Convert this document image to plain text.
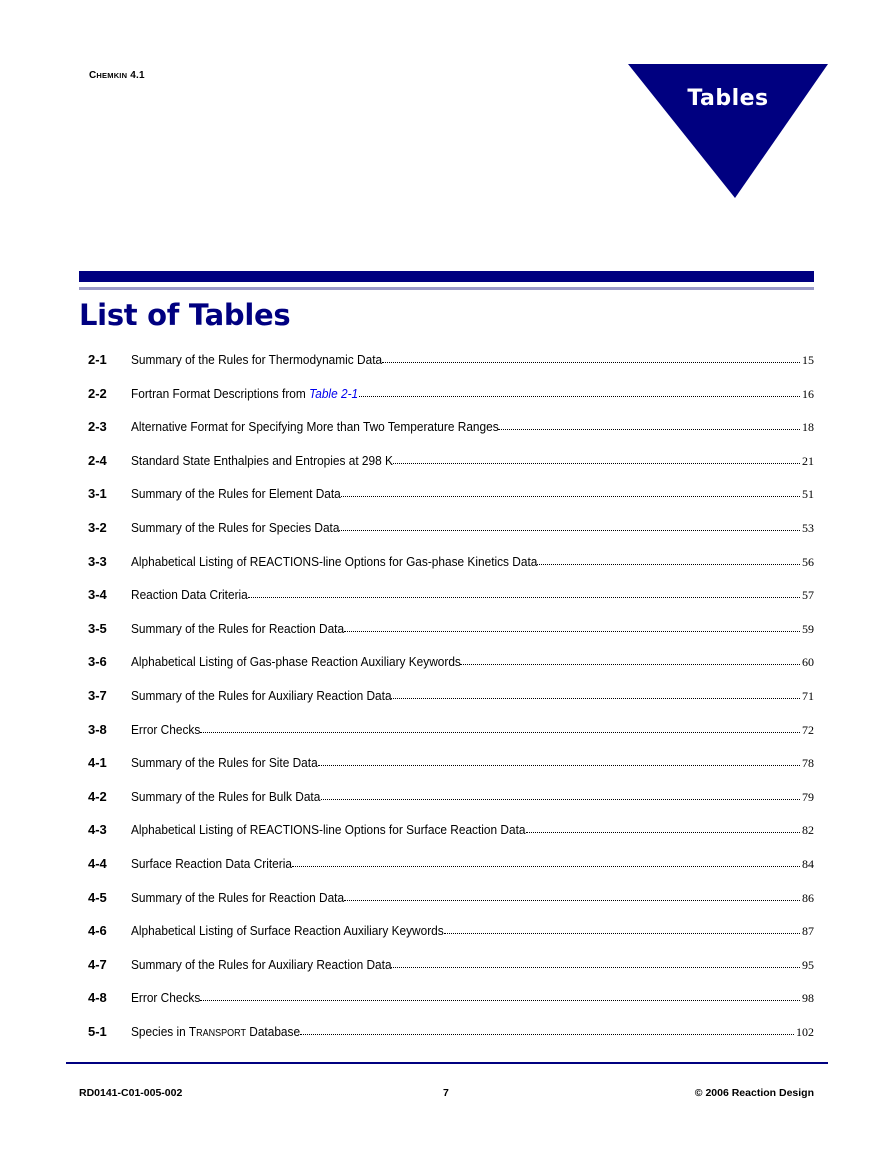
CHEMKIN 4.1
Tables
List of Tables
2-1	Summary of the Rules for Thermodynamic Data	15
2-2	Fortran Format Descriptions from Table 2-1	16
2-3	Alternative Format for Specifying More than Two Temperature Ranges	18
2-4	Standard State Enthalpies and Entropies at 298 K	21
3-1	Summary of the Rules for Element Data	51
3-2	Summary of the Rules for Species Data	53
3-3	Alphabetical Listing of REACTIONS-line Options for Gas-phase Kinetics Data	56
3-4	Reaction Data Criteria	57
3-5	Summary of the Rules for Reaction Data	59
3-6	Alphabetical Listing of Gas-phase Reaction Auxiliary Keywords	60
3-7	Summary of the Rules for Auxiliary Reaction Data	71
3-8	Error Checks	72
4-1	Summary of the Rules for Site Data	78
4-2	Summary of the Rules for Bulk Data	79
4-3	Alphabetical Listing of REACTIONS-line Options for Surface Reaction Data	82
4-4	Surface Reaction Data Criteria	84
4-5	Summary of the Rules for Reaction Data	86
4-6	Alphabetical Listing of Surface Reaction Auxiliary Keywords	87
4-7	Summary of the Rules for Auxiliary Reaction Data	95
4-8	Error Checks	98
5-1	Species in TRANSPORT Database	102
RD0141-C01-005-002	7	© 2006 Reaction Design
